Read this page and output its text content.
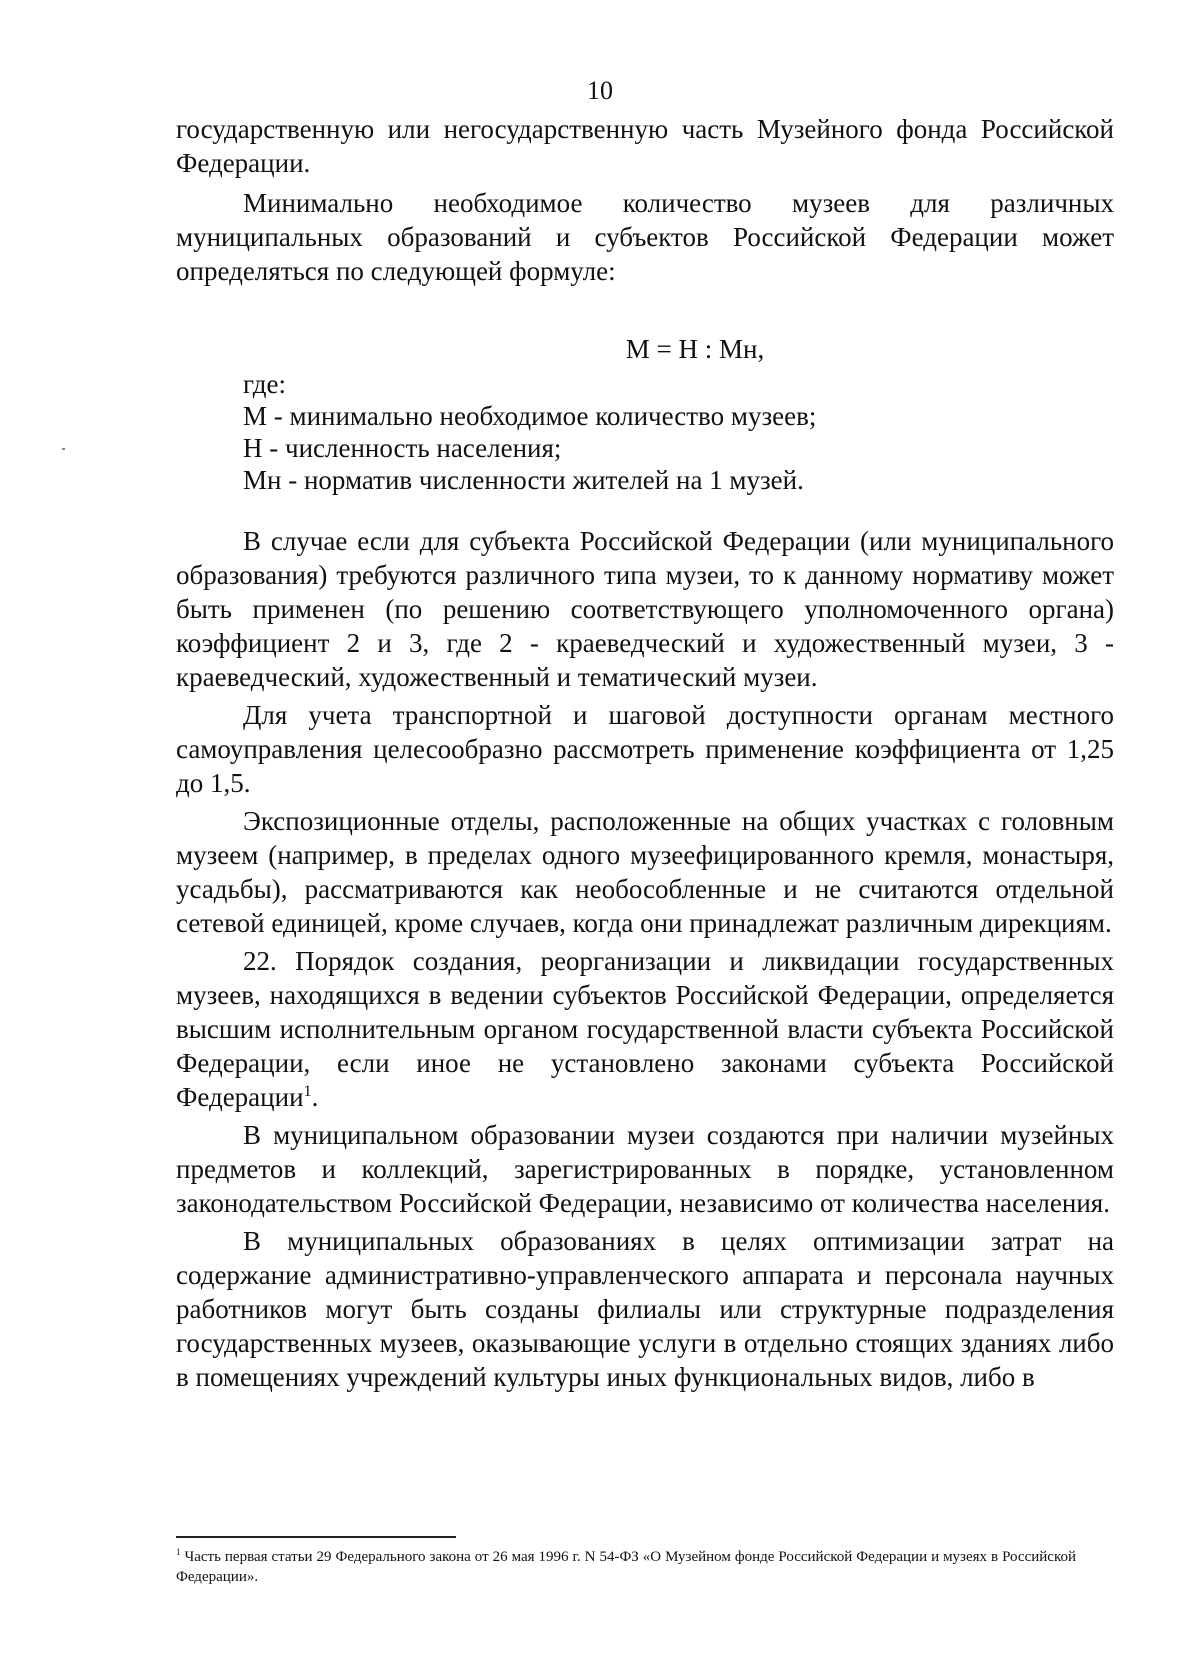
10

государственную или негосударственную часть Музейного фонда Российской Федерации.

Минимально необходимое количество музеев для различных муниципальных образований и субъектов Российской Федерации может определяться по следующей формуле:

М = Н : Мн,
где:
М - минимально необходимое количество музеев;
Н - численность населения;
Мн - норматив численности жителей на 1 музей.

В случае если для субъекта Российской Федерации (или муниципального образования) требуются различного типа музеи, то к данному нормативу может быть применен (по решению соответствующего уполномоченного органа) коэффициент 2 и 3, где 2 - краеведческий и художественный музеи, 3 - краеведческий, художественный и тематический музеи.

Для учета транспортной и шаговой доступности органам местного самоуправления целесообразно рассмотреть применение коэффициента от 1,25 до 1,5.

Экспозиционные отделы, расположенные на общих участках с головным музеем (например, в пределах одного музеефицированного кремля, монастыря, усадьбы), рассматриваются как необособленные и не считаются отдельной сетевой единицей, кроме случаев, когда они принадлежат различным дирекциям.

22. Порядок создания, реорганизации и ликвидации государственных музеев, находящихся в ведении субъектов Российской Федерации, определяется высшим исполнительным органом государственной власти субъекта Российской Федерации, если иное не установлено законами субъекта Российской Федерации$^1$.

В муниципальном образовании музеи создаются при наличии музейных предметов и коллекций, зарегистрированных в порядке, установленном законодательством Российской Федерации, независимо от количества населения.

В муниципальных образованиях в целях оптимизации затрат на содержание административно-управленческого аппарата и персонала научных работников могут быть созданы филиалы или структурные подразделения государственных музеев, оказывающие услуги в отдельно стоящих зданиях либо в помещениях учреждений культуры иных функциональных видов, либо в

$^1$ Часть первая статьи 29 Федерального закона от 26 мая 1996 г. N 54-ФЗ «О Музейном фонде Российской Федерации и музеях в Российской Федерации».
